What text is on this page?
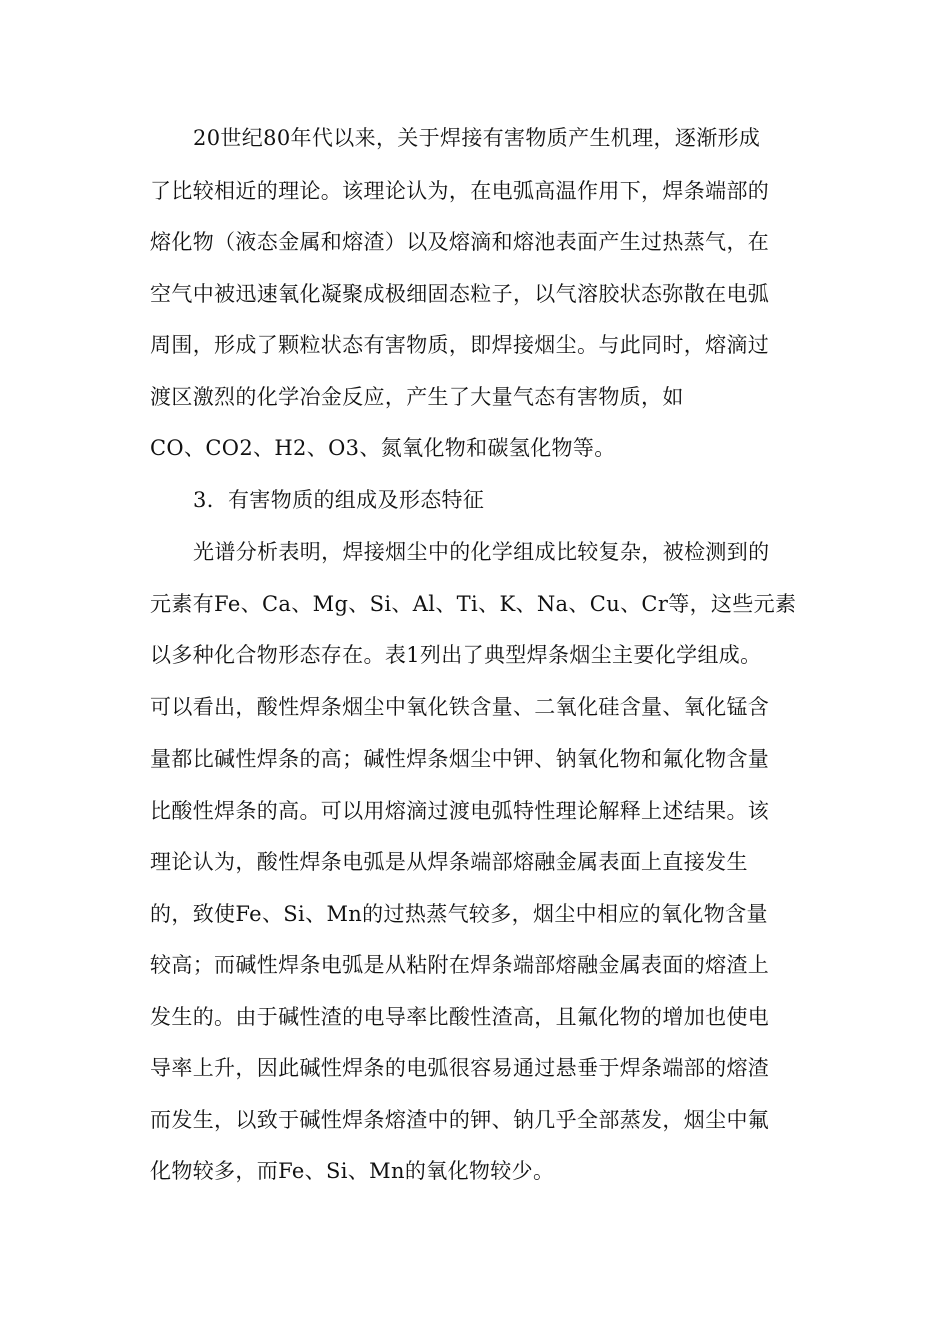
20世纪80年代以来，关于焊接有害物质产生机理，逐渐形成
了比较相近的理论。该理论认为，在电弧高温作用下，焊条端部的
熔化物（液态金属和熔渣）以及熔滴和熔池表面产生过热蒸气，在
空气中被迅速氧化凝聚成极细固态粒子，以气溶胶状态弥散在电弧
周围，形成了颗粒状态有害物质，即焊接烟尘。与此同时，熔滴过
渡区激烈的化学冶金反应，产生了大量气态有害物质，如
CO、CO2、H2、O3、氮氧化物和碳氢化物等。
3．有害物质的组成及形态特征
光谱分析表明，焊接烟尘中的化学组成比较复杂，被检测到的
元素有Fe、Ca、Mg、Si、Al、Ti、K、Na、Cu、Cr等，这些元素
以多种化合物形态存在。表1列出了典型焊条烟尘主要化学组成。
可以看出，酸性焊条烟尘中氧化铁含量、二氧化硅含量、氧化锰含
量都比碱性焊条的高；碱性焊条烟尘中钾、钠氧化物和氟化物含量
比酸性焊条的高。可以用熔滴过渡电弧特性理论解释上述结果。该
理论认为，酸性焊条电弧是从焊条端部熔融金属表面上直接发生
的，致使Fe、Si、Mn的过热蒸气较多，烟尘中相应的氧化物含量
较高；而碱性焊条电弧是从粘附在焊条端部熔融金属表面的熔渣上
发生的。由于碱性渣的电导率比酸性渣高，且氟化物的增加也使电
导率上升，因此碱性焊条的电弧很容易通过悬垂于焊条端部的熔渣
而发生，以致于碱性焊条熔渣中的钾、钠几乎全部蒸发，烟尘中氟
化物较多，而Fe、Si、Mn的氧化物较少。
